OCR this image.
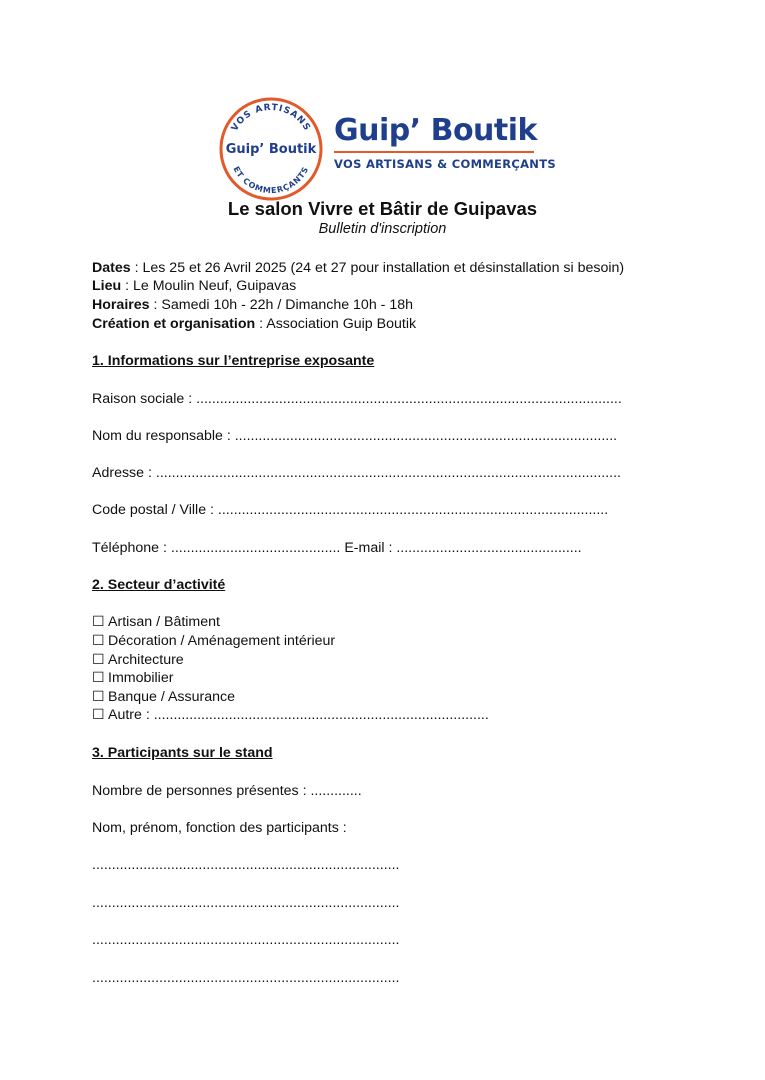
VOS ARTISANS
ET COMMERÇANTS
Guip’ Boutik
Guip’ Boutik
VOS ARTISANS & COMMERÇANTS
Le salon Vivre et Bâtir de Guipavas
Bulletin d'inscription
Dates : Les 25 et 26 Avril 2025 (24 et 27 pour installation et désinstallation si besoin)
Lieu : Le Moulin Neuf, Guipavas
Horaires : Samedi 10h - 22h / Dimanche 10h - 18h
Création et organisation : Association Guip Boutik
1. Informations sur l’entreprise exposante
Raison sociale : ............................................................................................................
Nom du responsable : .................................................................................................
Adresse : ......................................................................................................................
Code postal / Ville : ...................................................................................................
Téléphone : ........................................... E-mail : ...............................................
2. Secteur d’activité
☐ Artisan / Bâtiment
☐ Décoration / Aménagement intérieur
☐ Architecture
☐ Immobilier
☐ Banque / Assurance
☐ Autre : .....................................................................................
3. Participants sur le stand
Nombre de personnes présentes : .............
Nom, prénom, fonction des participants :
..............................................................................
..............................................................................
..............................................................................
..............................................................................
